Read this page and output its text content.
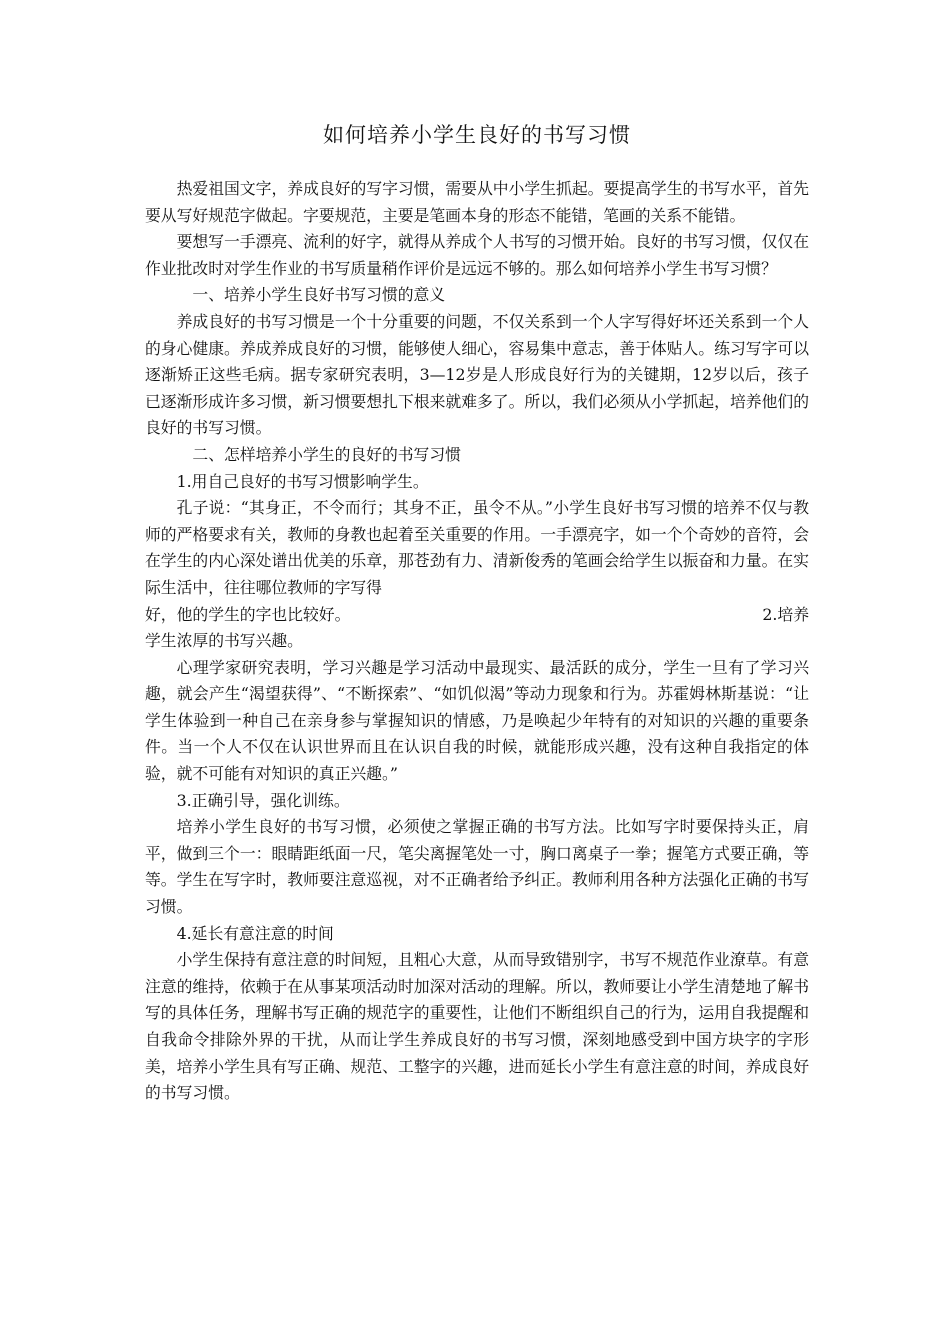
如何培养小学生良好的书写习惯

热爱祖国文字，养成良好的写字习惯，需要从中小学生抓起。要提高学生的书写水平，首先要从写好规范字做起。字要规范，主要是笔画本身的形态不能错，笔画的关系不能错。

要想写一手漂亮、流利的好字，就得从养成个人书写的习惯开始。良好的书写习惯，仅仅在作业批改时对学生作业的书写质量稍作评价是远远不够的。那么如何培养小学生书写习惯？

一、培养小学生良好书写习惯的意义

养成良好的书写习惯是一个十分重要的问题，不仅关系到一个人字写得好坏还关系到一个人的身心健康。养成养成良好的习惯，能够使人细心，容易集中意志，善于体贴人。练习写字可以逐渐矫正这些毛病。据专家研究表明，3—12岁是人形成良好行为的关键期，12岁以后，孩子已逐渐形成许多习惯，新习惯要想扎下根来就难多了。所以，我们必须从小学抓起，培养他们的良好的书写习惯。

二、怎样培养小学生的良好的书写习惯

1.用自己良好的书写习惯影响学生。

孔子说：“其身正，不令而行；其身不正，虽令不从。”小学生良好书写习惯的培养不仅与教师的严格要求有关，教师的身教也起着至关重要的作用。一手漂亮字，如一个个奇妙的音符，会在学生的内心深处谱出优美的乐章，那苍劲有力、清新俊秀的笔画会给学生以振奋和力量。在实际生活中，往往哪位教师的字写得

好，他的学生的字也比较好。	2.培养

学生浓厚的书写兴趣。

心理学家研究表明，学习兴趣是学习活动中最现实、最活跃的成分，学生一旦有了学习兴趣，就会产生“渴望获得”、“不断探索”、“如饥似渴”等动力现象和行为。苏霍姆林斯基说：“让学生体验到一种自己在亲身参与掌握知识的情感，乃是唤起少年特有的对知识的兴趣的重要条件。当一个人不仅在认识世界而且在认识自我的时候，就能形成兴趣，没有这种自我指定的体验，就不可能有对知识的真正兴趣。”

3.正确引导，强化训练。

培养小学生良好的书写习惯，必须使之掌握正确的书写方法。比如写字时要保持头正，肩平，做到三个一：眼睛距纸面一尺，笔尖离握笔处一寸，胸口离桌子一拳；握笔方式要正确，等等。学生在写字时，教师要注意巡视，对不正确者给予纠正。教师利用各种方法强化正确的书写习惯。

4.延长有意注意的时间

小学生保持有意注意的时间短，且粗心大意，从而导致错别字，书写不规范作业潦草。有意注意的维持，依赖于在从事某项活动时加深对活动的理解。所以，教师要让小学生清楚地了解书写的具体任务，理解书写正确的规范字的重要性，让他们不断组织自己的行为，运用自我提醒和自我命令排除外界的干扰，从而让学生养成良好的书写习惯，深刻地感受到中国方块字的字形美，培养小学生具有写正确、规范、工整字的兴趣，进而延长小学生有意注意的时间，养成良好的书写习惯。
